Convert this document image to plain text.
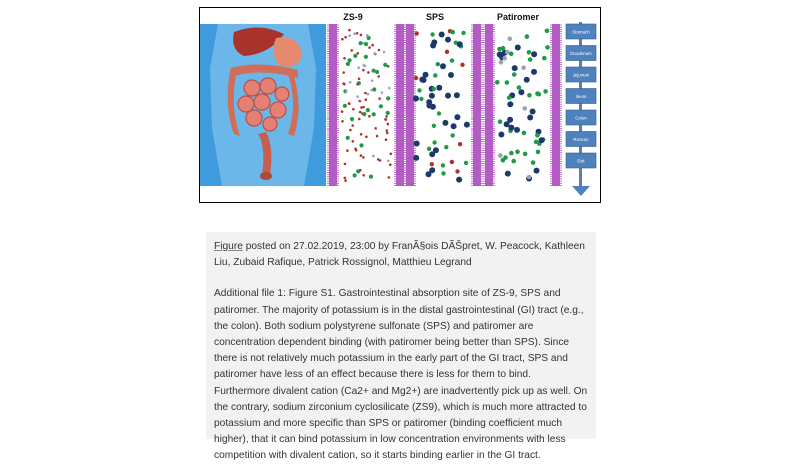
ZS-9	SPS	Patiromer
Stomach
Duodenum
Jejunum
Ileum
Colon
Rectum
Exit

Figure posted on 27.02.2019, 23:00 by FranÃ§ois DÃŠpret, W. Peacock, Kathleen Liu, Zubaid Rafique, Patrick Rossignol, Matthieu Legrand

Additional file 1: Figure S1. Gastrointestinal absorption site of ZS-9, SPS and patiromer. The majority of potassium is in the distal gastrointestinal (GI) tract (e.g., the colon). Both sodium polystyrene sulfonate (SPS) and patiromer are concentration dependent binding (with patiromer being better than SPS). Since there is not relatively much potassium in the early part of the GI tract, SPS and patiromer have less of an effect because there is less for them to bind. Furthermore divalent cation (Ca2+ and Mg2+) are inadvertently pick up as well. On the contrary, sodium zirconium cyclosilicate (ZS9), which is much more attracted to potassium and more specific than SPS or patiromer (binding coefficient much higher), that it can bind potassium in low concentration environments with less competition with divalent cation, so it starts binding earlier in the GI tract.
